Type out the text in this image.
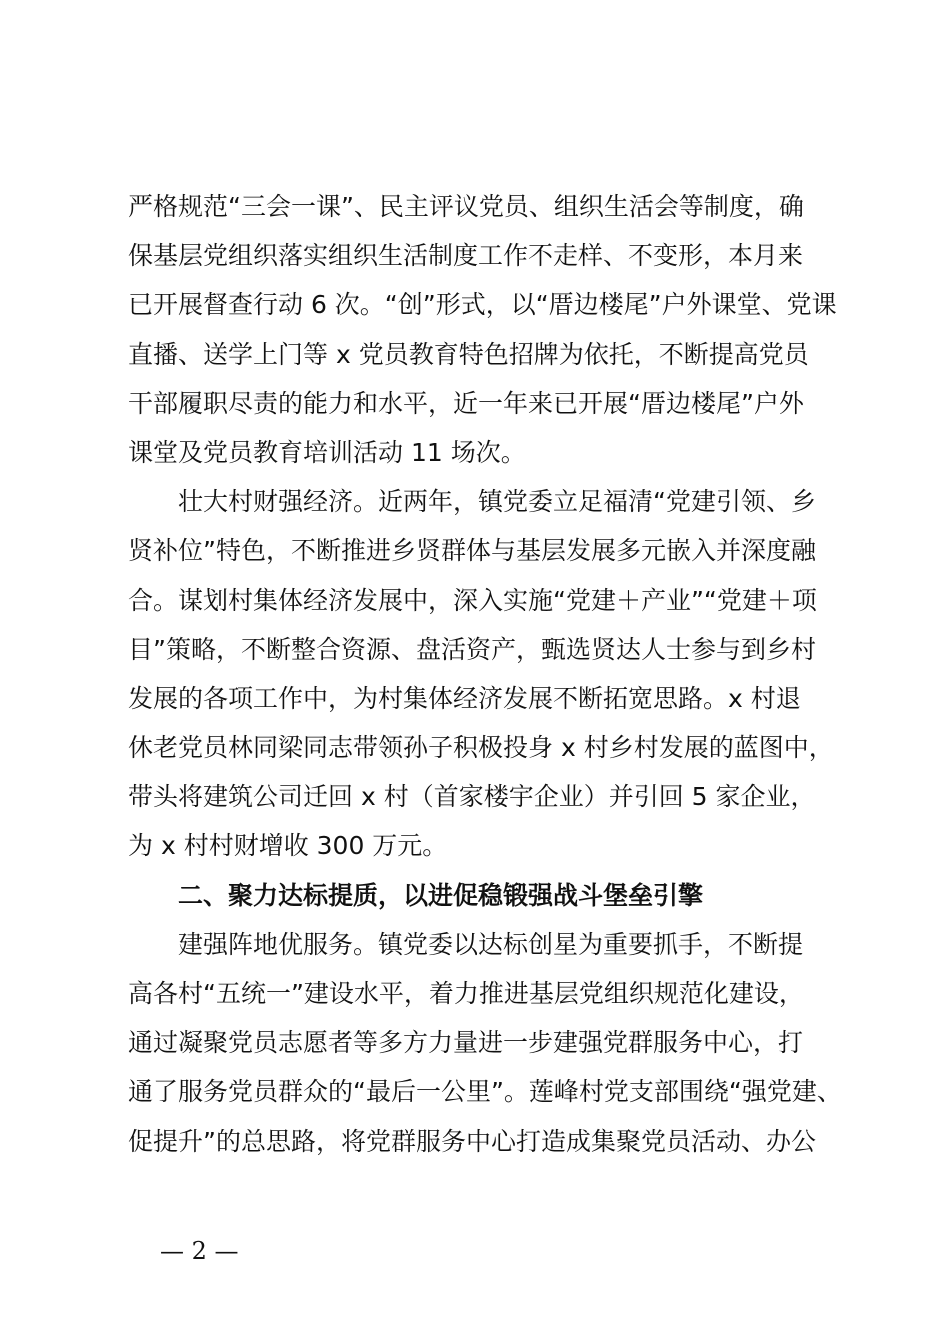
严格规范“三会一课”、民主评议党员、组织生活会等制度，确
保基层党组织落实组织生活制度工作不走样、不变形，本月来
已开展督查行动 6 次。“创”形式，以“厝边楼尾”户外课堂、党课
直播、送学上门等 x 党员教育特色招牌为依托，不断提高党员
干部履职尽责的能力和水平，近一年来已开展“厝边楼尾”户外
课堂及党员教育培训活动 11 场次。
壮大村财强经济。近两年，镇党委立足福清“党建引领、乡
贤补位”特色，不断推进乡贤群体与基层发展多元嵌入并深度融
合。谋划村集体经济发展中，深入实施“党建＋产业”“党建＋项
目”策略，不断整合资源、盘活资产，甄选贤达人士参与到乡村
发展的各项工作中，为村集体经济发展不断拓宽思路。x 村退
休老党员林同梁同志带领孙子积极投身 x 村乡村发展的蓝图中，
带头将建筑公司迁回 x 村（首家楼宇企业）并引回 5 家企业，
为 x 村村财增收 300 万元。
二、聚力达标提质，以进促稳锻强战斗堡垒引擎
建强阵地优服务。镇党委以达标创星为重要抓手，不断提
高各村“五统一”建设水平，着力推进基层党组织规范化建设，
通过凝聚党员志愿者等多方力量进一步建强党群服务中心，打
通了服务党员群众的“最后一公里”。莲峰村党支部围绕“强党建、
促提升”的总思路，将党群服务中心打造成集聚党员活动、办公
— 2 —
